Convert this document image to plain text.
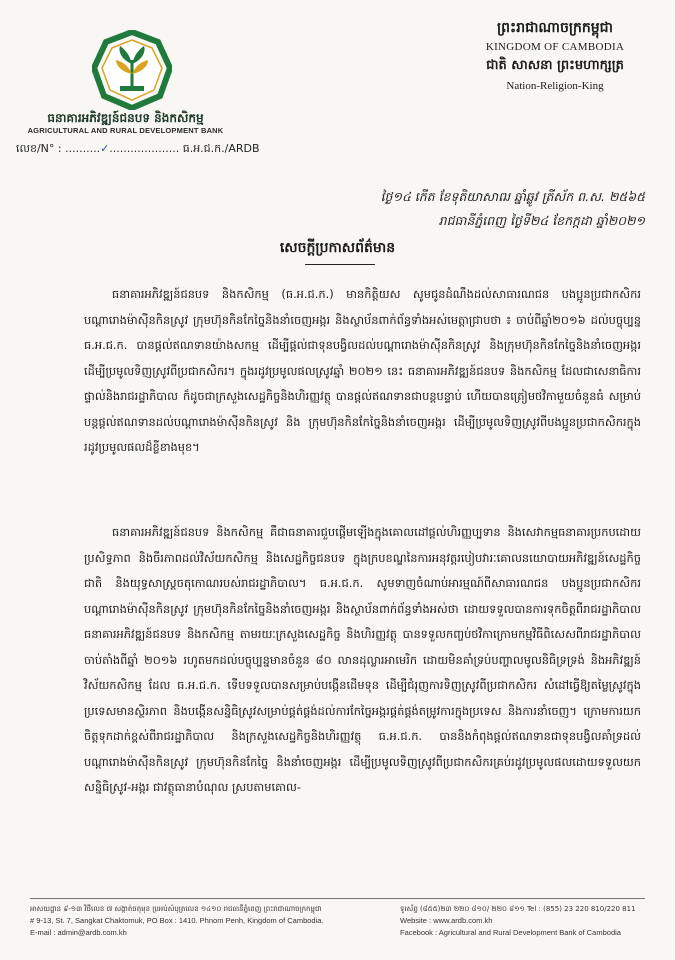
ធនាគារអភិវឌ្ឍន៍ជនបទ និងកសិកម្ម
AGRICULTURAL AND RURAL DEVELOPMENT BANK
លេខ/N° : ..........✓.................... ធ.អ.ជ.ក./ARDB
ព្រះរាជាណាចក្រកម្ពុជា
KINGDOM OF CAMBODIA
ជាតិ សាសនា ព្រះមហាក្សត្រ
Nation-Religion-King
ថ្ងៃ១៤ កើត ខែទុតិយាសាឍ ឆ្នាំឆ្លូវ ត្រីស័ក ព.ស. ២៥៦៥
រាជធានីភ្នំពេញ ថ្ងៃទី២៤ ខែកក្កដា ឆ្នាំ២០២១
សេចក្តីប្រកាសព័ត៌មាន

ធនាគារអភិវឌ្ឍន៍ជនបទ និងកសិកម្ម (ធ.អ.ជ.ក.) មានកិត្តិយស សូមជូនដំណឹងដល់សាធារណជន បងប្អូនប្រជាកសិករ បណ្តារោងម៉ាស៊ីនកិនស្រូវ ក្រុមហ៊ុនកិនកែច្នៃនិងនាំចេញអង្ករ និងស្ថាប័នពាក់ព័ន្ធទាំងអស់មេត្តាជ្រាបថា ៖ ចាប់ពីឆ្នាំ២០១៦ ដល់បច្ចុប្បន្ន ធ.អ.ជ.ក. បានផ្តល់ឥណទានយ៉ាងសកម្ម ដើម្បីផ្តល់ជាទុនបង្វិលដល់បណ្តារោងម៉ាស៊ីនកិនស្រូវ និងក្រុមហ៊ុនកិនកែច្នៃនិងនាំចេញអង្ករ ដើម្បីប្រមូលទិញស្រូវពីប្រជាកសិករ។ ក្នុងរដូវប្រមូលផលស្រូវឆ្នាំ ២០២១ នេះ ធនាគារអភិវឌ្ឍន៍ជនបទ និងកសិកម្ម ដែលជាសេនាធិការផ្ទាល់និងរាជរដ្ឋាភិបាល ក៏ដូចជាក្រសួងសេដ្ឋកិច្ចនិងហិរញ្ញវត្ថុ បានផ្តល់ឥណទានជាបន្តបន្ទាប់ ហើយបានត្រៀមថវិកាមួយចំនួនធំ សម្រាប់បន្តផ្តល់ឥណទានដល់បណ្តារោងម៉ាស៊ីនកិនស្រូវ និង ក្រុមហ៊ុនកិនកែច្នៃនិងនាំចេញអង្ករ ដើម្បីប្រមូលទិញស្រូវពីបងប្អូនប្រជាកសិករក្នុងរដូវប្រមូលផលដ៏ខ្លីខាងមុខ។

ធនាគារអភិវឌ្ឍន៍ជនបទ និងកសិកម្ម គឺជាធនាគារជួបផ្តើមឡើងក្នុងគោលដៅផ្តល់ហិរញ្ញប្បទាន និងសេវាកម្មធនាគារប្រកបដោយប្រសិទ្ធភាព និងចីរភាពដល់វិស័យកសិកម្ម និងសេដ្ឋកិច្ចជនបទ ក្នុងក្របខណ្ឌនៃការអនុវត្តរបៀបវារៈគោលនយោបាយអភិវឌ្ឍន៍សេដ្ឋកិច្ចជាតិ និងយុទ្ធសាស្ត្រចតុកោណរបស់រាជរដ្ឋាភិបាល។ ធ.អ.ជ.ក. សូមទាញចំណាប់អារម្មណ៍ពីសាធារណជន បងប្អូនប្រជាកសិករ បណ្តារោងម៉ាស៊ីនកិនស្រូវ ក្រុមហ៊ុនកិនកែច្នៃនិងនាំចេញអង្ករ និងស្ថាប័នពាក់ព័ន្ធទាំងអស់ថា ដោយទទួលបានការទុកចិត្តពីរាជរដ្ឋាភិបាល ធនាគារអភិវឌ្ឍន៍ជនបទ និងកសិកម្ម តាមរយៈក្រសួងសេដ្ឋកិច្ច និងហិរញ្ញវត្ថុ បានទទួលកញ្ចប់ថវិកាក្រោមកម្មវិធីពិសេសពីរាជរដ្ឋាភិបាលចាប់តាំងពីឆ្នាំ ២០១៦ រហូតមកដល់បច្ចុប្បន្នមានចំនួន ៨០ លានដុល្លារអាមេរិក ដោយមិនគាំទ្រប់បញ្ហាលមូលនិធិទ្រទ្រង់ និងអភិវឌ្ឍន៍វិស័យកសិកម្ម ដែល ធ.អ.ជ.ក. ទើបទទួលបានសម្រាប់បង្កើនដើមទុន ដើម្បីជំរុញការទិញស្រូវពីប្រជាកសិករ សំដៅធ្វើឱ្យតម្លៃស្រូវក្នុងប្រទេសមានស្ថិរភាព និងបង្កើនសន្និធិស្រូវសម្រាប់ផ្គត់ផ្គង់ដល់ការកែច្នៃអង្ករផ្គត់ផ្គង់តម្រូវការក្នុងប្រទេស និងការនាំចេញ។ ក្រោមការយកចិត្តទុកដាក់ខ្ពស់ពីរាជរដ្ឋាភិបាល និងក្រសួងសេដ្ឋកិច្ចនិងហិរញ្ញវត្ថុ ធ.អ.ជ.ក. បាននិងកំពុងផ្តល់ឥណទានជាទុនបង្វិលគាំទ្រដល់បណ្តារោងម៉ាស៊ីនកិនស្រូវ ក្រុមហ៊ុនកិនកែច្នៃ និងនាំចេញអង្ករ ដើម្បីប្រមូលទិញស្រូវពីប្រជាកសិករគ្រប់រដូវប្រមូលផលដោយទទួលយកសន្និធិស្រូវ-អង្ករ ជាវត្ថុធានាបំណុល ស្របតាមគោល-

អាសយដ្ឋាន ៩-១៣ វិថីលេខ ៧ សង្កាត់ចតុមុខ ប្រអប់សំបុត្រលេខ ១៤១០ រាជធានីភ្នំពេញ ព្រះរាជាណាចក្រកម្ពុជា
# 9-13, St. 7, Sangkat Chaktomuk, PO Box : 1410. Phnom Penh, Kingdom of Cambodia.
E-mail : admin@ardb.com.kh
ទូរស័ព្ទ (៨៥៥)២៣ ២២០ ៨១០/ ២២០ ៨១១ Tel : (855) 23 220 810/220 811
Website : www.ardb.com.kh
Facebook : Agricultural and Rural Development Bank of Cambodia
